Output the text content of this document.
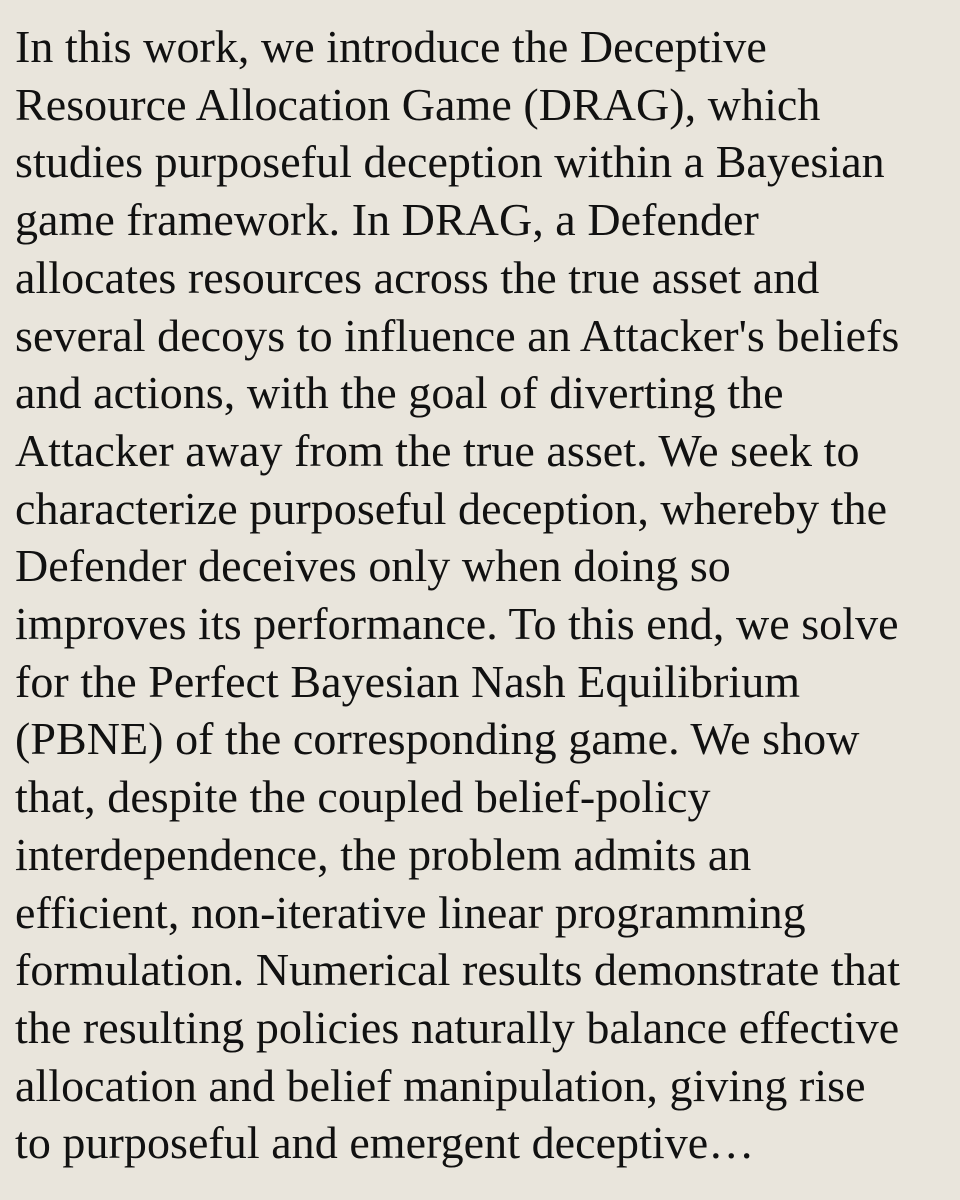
In this work, we introduce the Deceptive
Resource Allocation Game (DRAG), which
studies purposeful deception within a Bayesian
game framework. In DRAG, a Defender
allocates resources across the true asset and
several decoys to influence an Attacker's beliefs
and actions, with the goal of diverting the
Attacker away from the true asset. We seek to
characterize purposeful deception, whereby the
Defender deceives only when doing so
improves its performance. To this end, we solve
for the Perfect Bayesian Nash Equilibrium
(PBNE) of the corresponding game. We show
that, despite the coupled belief-policy
interdependence, the problem admits an
efficient, non-iterative linear programming
formulation. Numerical results demonstrate that
the resulting policies naturally balance effective
allocation and belief manipulation, giving rise
to purposeful and emergent deceptive…
